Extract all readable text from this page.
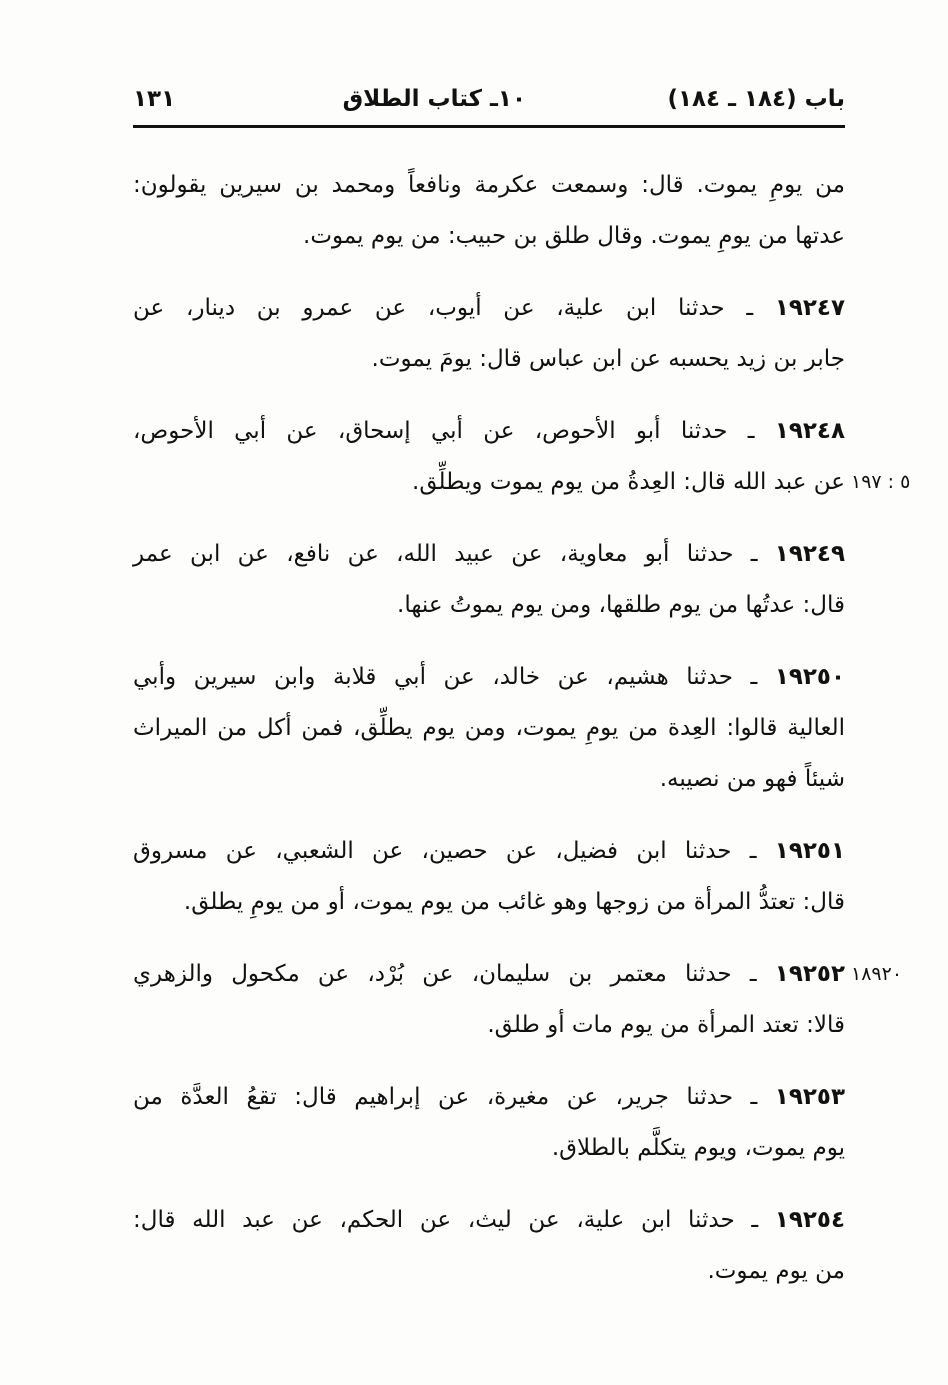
باب (١٨٤ ـ ١٨٤)
١٠ـ كتاب الطلاق
١٣١
من يومِ يموت. قال: وسمعت عكرمة ونافعاً ومحمد بن سيرين يقولون:
عدتها من يومِ يموت. وقال طلق بن حبيب: من يوم يموت.
١٩٢٤٧ ـ حدثنا ابن علية، عن أيوب، عن عمرو بن دينار، عن
جابر بن زيد يحسبه عن ابن عباس قال: يومَ يموت.
١٩٢٤٨ ـ حدثنا أبو الأحوص، عن أبي إسحاق، عن أبي الأحوص،
عن عبد الله قال: العِدةُ من يوم يموت ويطلِّق. ٥ : ١٩٧
١٩٢٤٩ ـ حدثنا أبو معاوية، عن عبيد الله، عن نافع، عن ابن عمر
قال: عدتُها من يوم طلقها، ومن يوم يموتُ عنها.
١٩٢٥٠ ـ حدثنا هشيم، عن خالد، عن أبي قلابة وابن سيرين وأبي
العالية قالوا: العِدة من يومِ يموت، ومن يوم يطلِّق، فمن أكل من الميراث
شيئاً فهو من نصيبه.
١٩٢٥١ ـ حدثنا ابن فضيل، عن حصين، عن الشعبي، عن مسروق
قال: تعتدُّ المرأة من زوجها وهو غائب من يوم يموت، أو من يومِ يطلق.
١٩٢٥٢ ـ حدثنا معتمر بن سليمان، عن بُرْد، عن مكحول والزهري	١٨٩٢٠
قالا: تعتد المرأة من يوم مات أو طلق.
١٩٢٥٣ ـ حدثنا جرير، عن مغيرة، عن إبراهيم قال: تقعُ العدَّة من
يوم يموت، ويوم يتكلَّم بالطلاق.
١٩٢٥٤ ـ حدثنا ابن علية، عن ليث، عن الحكم، عن عبد الله قال:
من يوم يموت.
